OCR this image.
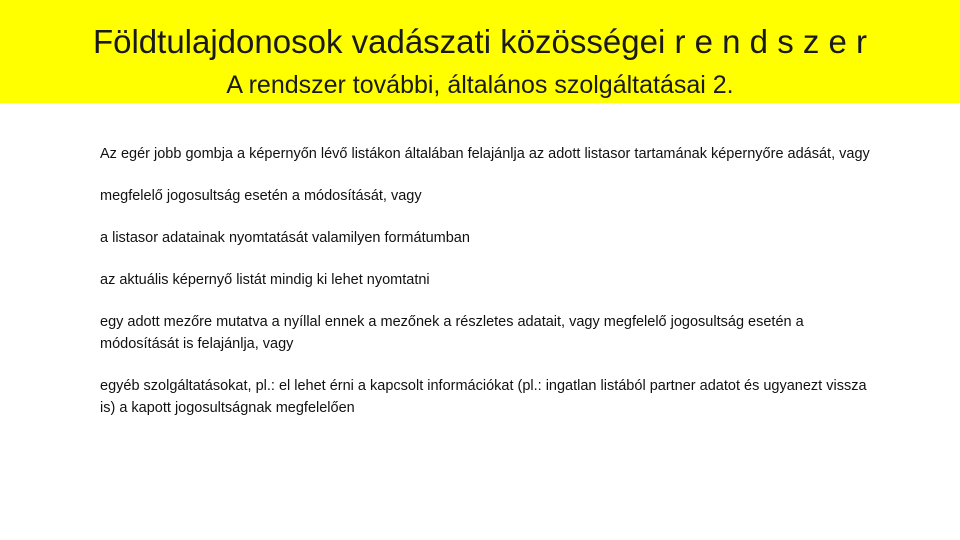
Földtulajdonosok vadászati közösségei r e n d s z e r
A rendszer további, általános szolgáltatásai 2.

Az egér jobb gombja a képernyőn lévő listákon általában felajánlja az adott listasor tartamának képernyőre adását, vagy

megfelelő jogosultság esetén a módosítását, vagy

a listasor adatainak nyomtatását valamilyen formátumban

az aktuális képernyő listát mindig ki lehet nyomtatni

egy adott mezőre mutatva a nyíllal ennek a mezőnek a részletes adatait, vagy megfelelő jogosultság esetén a módosítását is felajánlja, vagy

egyéb szolgáltatásokat, pl.: el lehet érni a kapcsolt információkat (pl.: ingatlan listából partner adatot és ugyanezt vissza is) a kapott jogosultságnak megfelelően
